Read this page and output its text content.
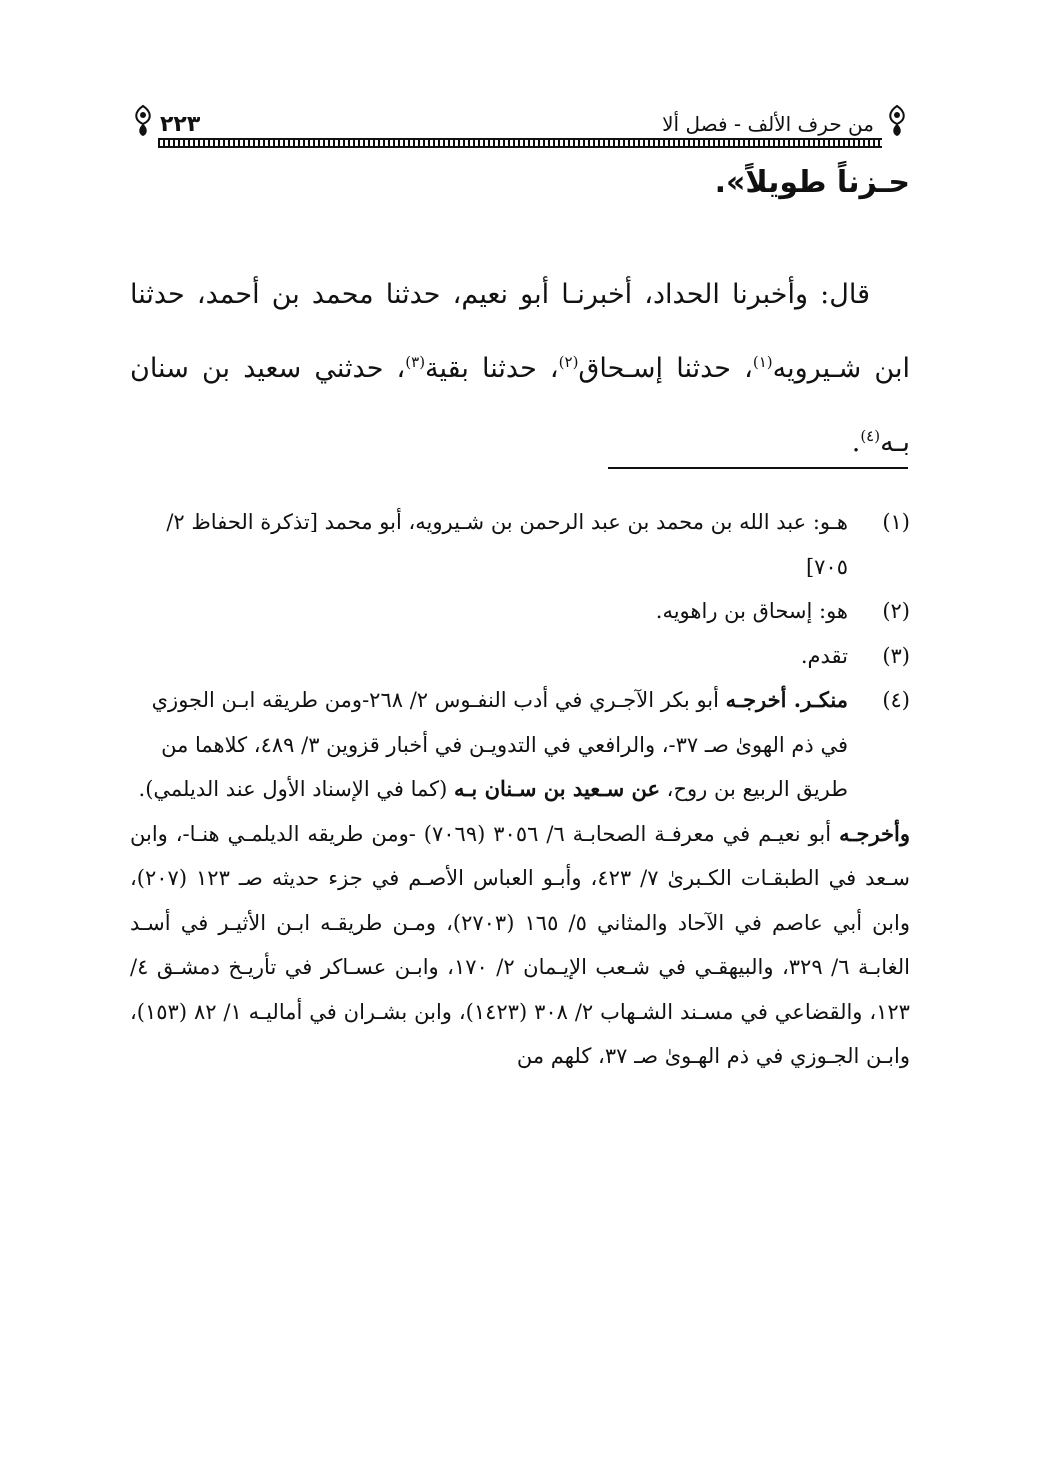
من حرف الألف - فصل ألا
٢٢٣
حـزناً طويلاً».

قال: وأخبرنا الحداد، أخبرنـا أبو نعيم، حدثنا محمد بن أحمد، حدثنا ابن شـيرويه$^{(١)}$، حدثنا إسـحاق$^{(٢)}$، حدثنا بقية$^{(٣)}$، حدثني سعيد بن سنان بـه$^{(٤)}$.

(١)
هـو: عبد الله بن محمد بن عبد الرحمن بن شـيرويه، أبو محمد [تذكرة الحفاظ ٢/ ٧٠٥]
(٢)
هو: إسحاق بن راهويه.
(٣)
تقدم.
(٤)
منكـر. أخرجـه أبو بكر الآجـري في أدب النفـوس ٢/ ٢٦٨-ومن طريقه ابـن الجوزي في ذم الهوىٰ صـ ٣٧-، والرافعي في التدويـن في أخبار قزوين ٣/ ٤٨٩، كلاهما من طريق الربيع بن روح، عن سـعيد بن سـنان بـه (كما في الإسناد الأول عند الديلمي).

وأخرجـه أبو نعيـم في معرفـة الصحابـة ٦/ ٣٠٥٦ (٧٠٦٩) -ومن طريقه الديلمـي هنـا-، وابن سـعد في الطبقـات الكـبرىٰ ٧/ ٤٢٣، وأبـو العباس الأصـم في جزء حديثه صـ ١٢٣ (٢٠٧)، وابن أبي عاصم في الآحاد والمثاني ٥/ ١٦٥ (٢٧٠٣)، ومـن طريقـه ابـن الأثيـر في أسـد الغابـة ٦/ ٣٢٩، والبيهقـي في شـعب الإيـمان ٢/ ١٧٠، وابـن عسـاكر في تأريـخ دمشـق ٤/ ١٢٣، والقضاعي في مسـند الشـهاب ٢/ ٣٠٨ (١٤٢٣)، وابن بشـران في أماليـه ١/ ٨٢ (١٥٣)، وابـن الجـوزي في ذم الهـوىٰ صـ ٣٧، كلهم من
